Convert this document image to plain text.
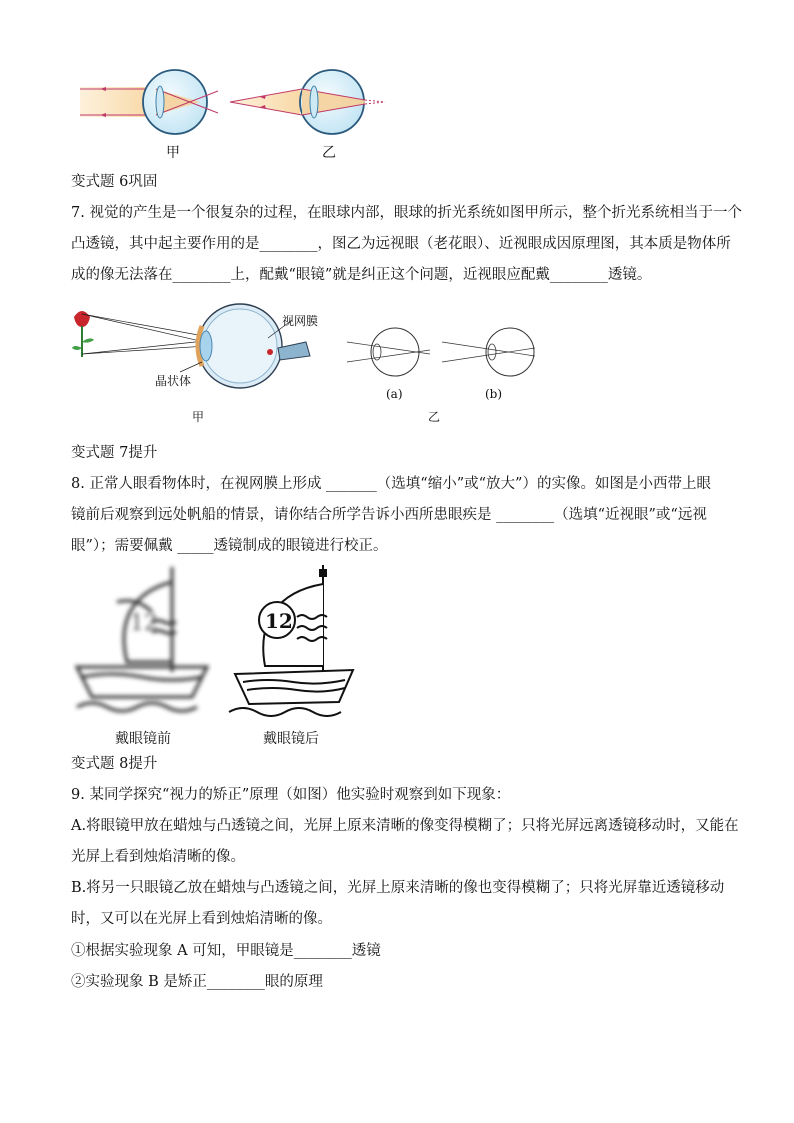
甲	乙
变式题 6巩固
7. 视觉的产生是一个很复杂的过程，在眼球内部，眼球的折光系统如图甲所示，整个折光系统相当于一个
凸透镜，其中起主要作用的是________，图乙为远视眼（老花眼）、近视眼成因原理图，其本质是物体所
成的像无法落在________上，配戴“眼镜”就是纠正这个问题，近视眼应配戴________透镜。
视网膜
晶状体
甲
(a)	(b)
乙
变式题 7提升
8. 正常人眼看物体时，在视网膜上形成 _______（选填“缩小”或“放大”）的实像。如图是小西带上眼
镜前后观察到远处帆船的情景，请你结合所学告诉小西所患眼疾是 ________（选填“近视眼”或“远视
眼”）；需要佩戴 _____透镜制成的眼镜进行校正。
12	12
戴眼镜前	戴眼镜后
变式题 8提升
9. 某同学探究“视力的矫正”原理（如图）他实验时观察到如下现象：
A.将眼镜甲放在蜡烛与凸透镜之间，光屏上原来清晰的像变得模糊了；只将光屏远离透镜移动时，又能在
光屏上看到烛焰清晰的像。
B.将另一只眼镜乙放在蜡烛与凸透镜之间，光屏上原来清晰的像也变得模糊了；只将光屏靠近透镜移动
时，又可以在光屏上看到烛焰清晰的像。
①根据实验现象 A 可知，甲眼镜是________透镜
②实验现象 B 是矫正________眼的原理
